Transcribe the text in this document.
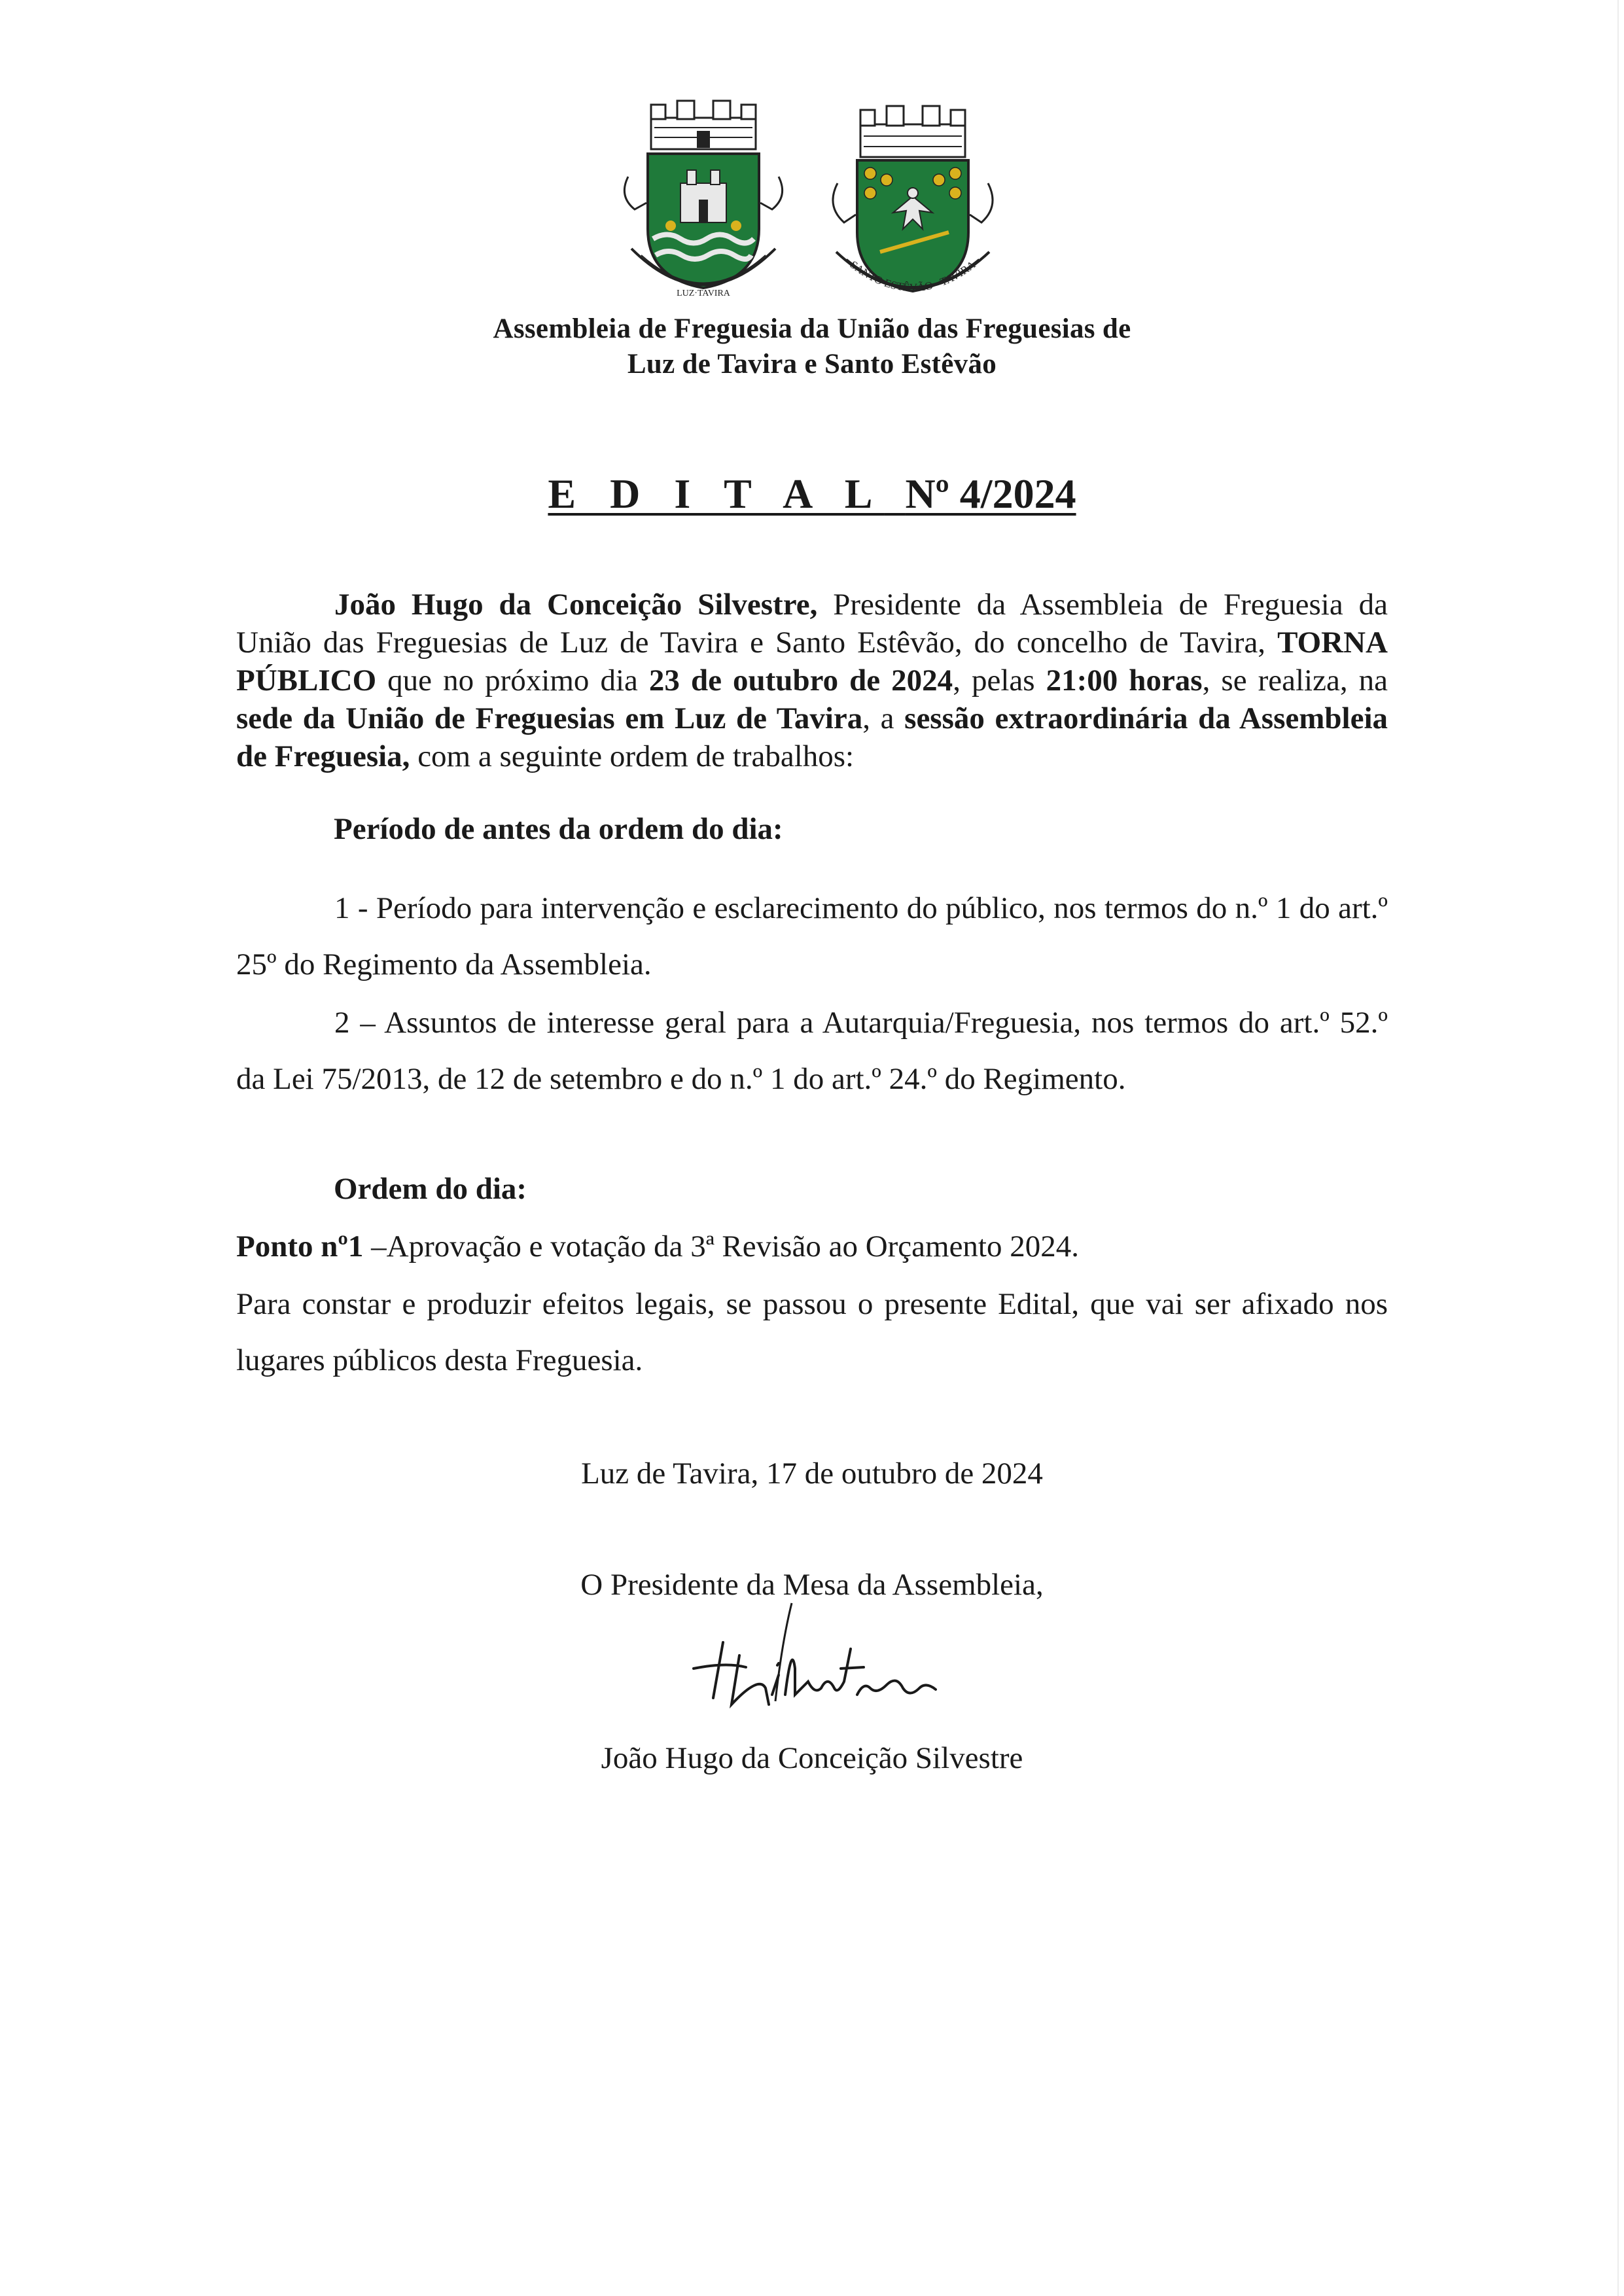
LUZ·TAVIRA
SANTO ESTÊVÃO · TAVIRA
Assembleia de Freguesia da União das Freguesias de
Luz de Tavira e Santo Estêvão
E D I T A L Nº 4/2024

João Hugo da Conceição Silvestre, Presidente da Assembleia de Freguesia da União das Freguesias de Luz de Tavira e Santo Estêvão, do concelho de Tavira, TORNA PÚBLICO que no próximo dia 23 de outubro de 2024, pelas 21:00 horas, se realiza, na sede da União de Freguesias em Luz de Tavira, a sessão extraordinária da Assembleia de Freguesia, com a seguinte ordem de trabalhos:

Período de antes da ordem do dia:

1 - Período para intervenção e esclarecimento do público, nos termos do n.º 1 do art.º 25º do Regimento da Assembleia.

2 – Assuntos de interesse geral para a Autarquia/Freguesia, nos termos do art.º 52.º da Lei 75/2013, de 12 de setembro e do n.º 1 do art.º 24.º do Regimento.

Ordem do dia:
Ponto nº1 –Aprovação e votação da 3ª Revisão ao Orçamento 2024.

Para constar e produzir efeitos legais, se passou o presente Edital, que vai ser afixado nos lugares públicos desta Freguesia.

Luz de Tavira, 17 de outubro de 2024
O Presidente da Mesa da Assembleia,
João Hugo da Conceição Silvestre
